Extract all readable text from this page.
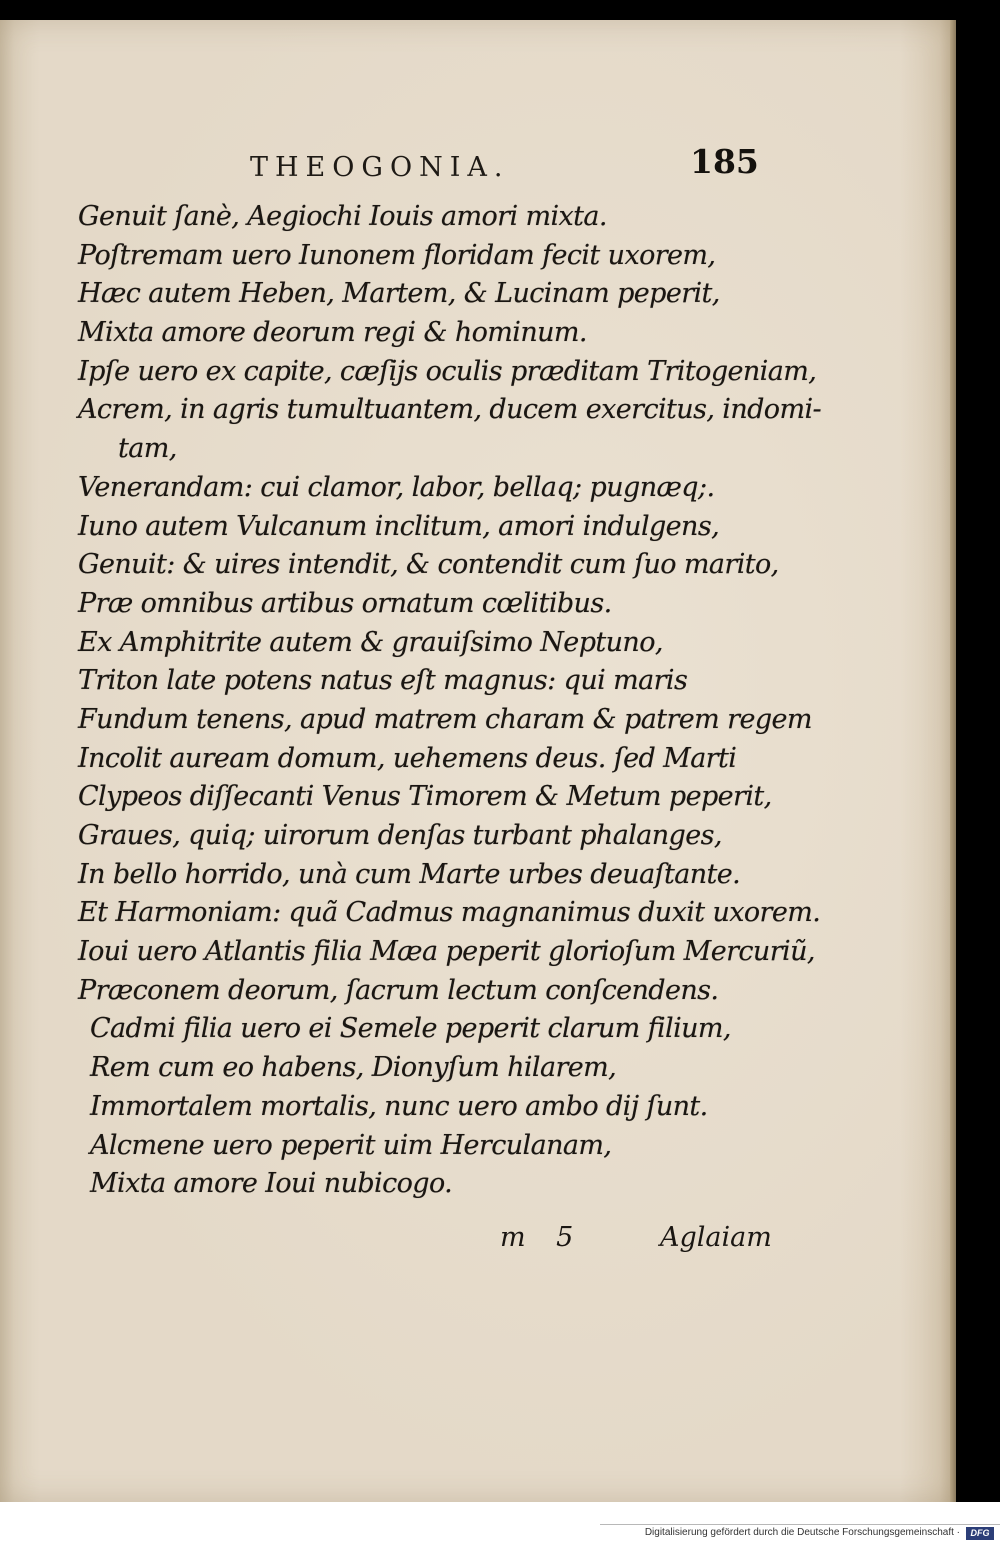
THEOGONIA.	185
Genuit ſanè, Aegiochi Iouis amori mixta.
Poſtremam uero Iunonem floridam fecit uxorem,
Hæc autem Heben, Martem, & Lucinam peperit,
Mixta amore deorum regi & hominum.
Ipſe uero ex capite, cæſijs oculis præditam Tritogeniam,
Acrem, in agris tumultuantem, ducem exercitus, indomi-
tam,
Venerandam: cui clamor, labor, bellaq; pugnæq;.
Iuno autem Vulcanum inclitum, amori indulgens,
Genuit: & uires intendit, & contendit cum ſuo marito,
Præ omnibus artibus ornatum cœlitibus.
Ex Amphitrite autem & grauiſsimo Neptuno,
Triton late potens natus eſt magnus: qui maris
Fundum tenens, apud matrem charam & patrem regem
Incolit auream domum, uehemens deus. ſed Marti
Clypeos diſſecanti Venus Timorem & Metum peperit,
Graues, quiq; uirorum denſas turbant phalanges,
In bello horrido, unà cum Marte urbes deuaſtante.
Et Harmoniam: quã Cadmus magnanimus duxit uxorem.
Ioui uero Atlantis filia Mæa peperit glorioſum Mercuriũ,
Præconem deorum, ſacrum lectum conſcendens.
Cadmi filia uero ei Semele peperit clarum filium,
Rem cum eo habens, Dionyſum hilarem,
Immortalem mortalis, nunc uero ambo dij ſunt.
Alcmene uero peperit uim Herculanam,
Mixta amore Ioui nubicogo.
m 5	Aglaiam
Digitalisierung gefördert durch die Deutsche Forschungsgemeinschaft ·	DFG
